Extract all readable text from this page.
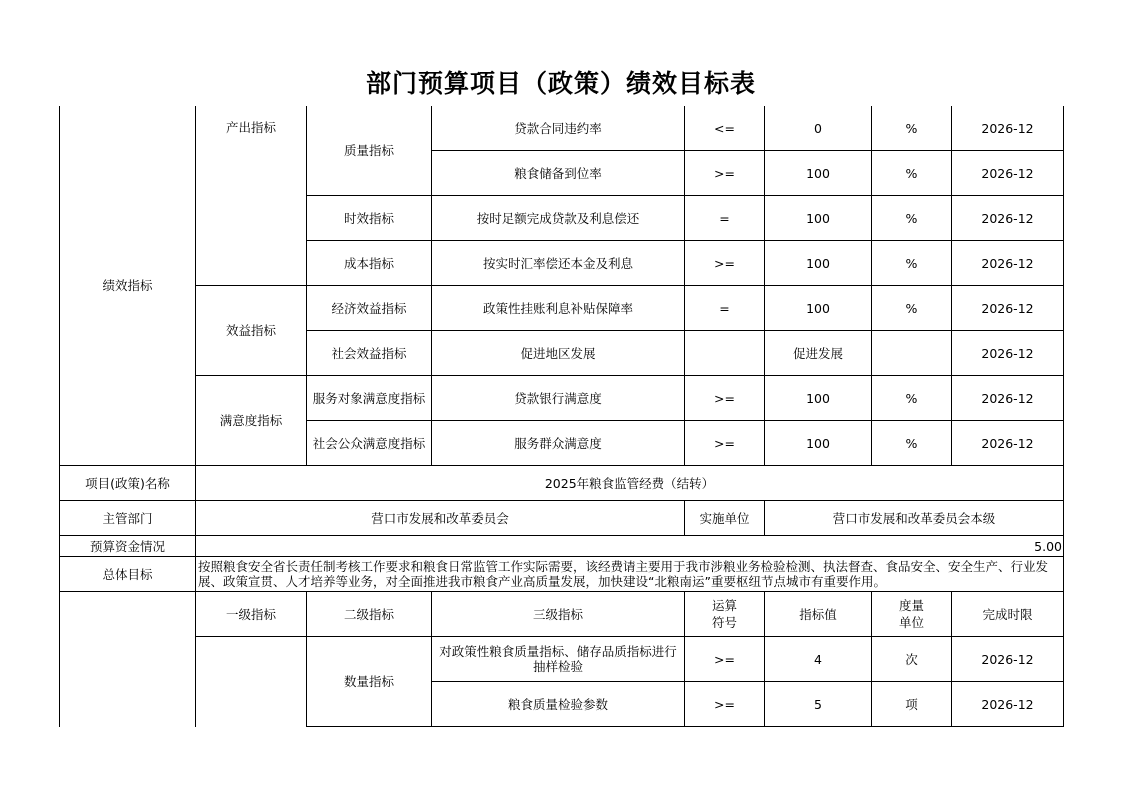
部门预算项目（政策）绩效目标表
绩效指标	产出指标	质量指标	贷款合同违约率	<=	0	%	2026-12
			粮食储备到位率	>=	100	%	2026-12
		时效指标	按时足额完成贷款及利息偿还	=	100	%	2026-12
		成本指标	按实时汇率偿还本金及利息	>=	100	%	2026-12
	效益指标	经济效益指标	政策性挂账利息补贴保障率	=	100	%	2026-12
		社会效益指标	促进地区发展		促进发展		2026-12
	满意度指标	服务对象满意度指标	贷款银行满意度	>=	100	%	2026-12
		社会公众满意度指标	服务群众满意度	>=	100	%	2026-12
项目(政策)名称	2025年粮食监管经费（结转）						
主管部门	营口市发展和改革委员会			实施单位	营口市发展和改革委员会本级		
预算资金情况	5.00						
总体目标	按照粮食安全省长责任制考核工作要求和粮食日常监管工作实际需要，该经费请主要用于我市涉粮业务检验检测、执法督查、食品安全、安全生产、行业发展、政策宣贯、人才培养等业务，对全面推进我市粮食产业高质量发展，加快建设“北粮南运”重要枢纽节点城市有重要作用。						
	一级指标	二级指标	三级指标	运算符号	指标值	度量单位	完成时限
		数量指标	对政策性粮食质量指标、储存品质指标进行抽样检验	>=	4	次	2026-12
			粮食质量检验参数	>=	5	项	2026-12
